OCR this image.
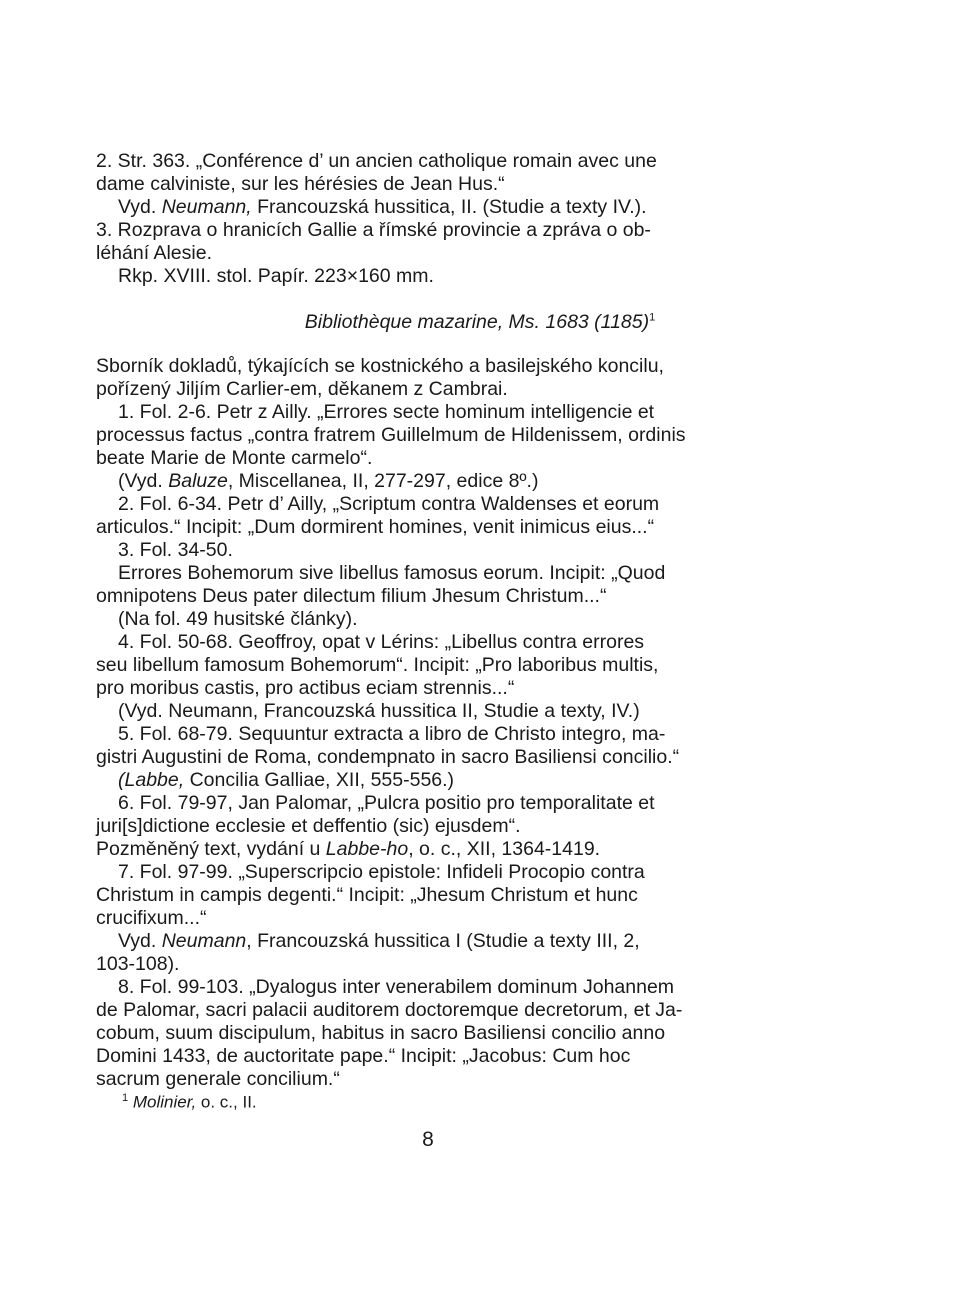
2. Str. 363. „Conférence d’ un ancien catholique romain avec une
dame calviniste, sur les hérésies de Jean Hus.“
Vyd. Neumann, Francouzská hussitica, II. (Studie a texty IV.).
3. Rozprava o hranicích Gallie a římské provincie a zpráva o ob-
léhání Alesie.
Rkp. XVIII. stol. Papír. 223×160 mm.
Bibliothèque mazarine, Ms. 1683 $(1185)^1$
Sborník dokladů, týkajících se kostnického a basilejského koncilu,
pořízený Jiljím Carlier-em, děkanem z Cambrai.
1. Fol. 2-6. Petr z Ailly. „Errores secte hominum intelligencie et
processus factus „contra fratrem Guillelmum de Hildenissem, ordinis
beate Marie de Monte carmelo“.
(Vyd. Baluze, Miscellanea, II, 277-297, edice 8º.)
2. Fol. 6-34. Petr d’ Ailly, „Scriptum contra Waldenses et eorum
articulos.“ Incipit: „Dum dormirent homines, venit inimicus eius...“
3. Fol. 34-50.
Errores Bohemorum sive libellus famosus eorum. Incipit: „Quod
omnipotens Deus pater dilectum filium Jhesum Christum...“
(Na fol. 49 husitské články).
4. Fol. 50-68. Geoffroy, opat v Lérins: „Libellus contra errores
seu libellum famosum Bohemorum“. Incipit: „Pro laboribus multis,
pro moribus castis, pro actibus eciam strennis...“
(Vyd. Neumann, Francouzská hussitica II, Studie a texty, IV.)
5. Fol. 68-79. Sequuntur extracta a libro de Christo integro, ma-
gistri Augustini de Roma, condempnato in sacro Basiliensi concilio.“
(Labbe, Concilia Galliae, XII, 555-556.)
6. Fol. 79-97, Jan Palomar, „Pulcra positio pro temporalitate et
juri[s]dictione ecclesie et deffentio (sic) ejusdem“.
Pozměněný text, vydání u Labbe-ho, o. c., XII, 1364-1419.
7. Fol. 97-99. „Superscripcio epistole: Infideli Procopio contra
Christum in campis degenti.“ Incipit: „Jhesum Christum et hunc
crucifixum...“
Vyd. Neumann, Francouzská hussitica I (Studie a texty III, 2,
103-108).
8. Fol. 99-103. „Dyalogus inter venerabilem dominum Johannem
de Palomar, sacri palacii auditorem doctoremque decretorum, et Ja-
cobum, suum discipulum, habitus in sacro Basiliensi concilio anno
Domini 1433, de auctoritate pape.“ Incipit: „Jacobus: Cum hoc
sacrum generale concilium.“
$^1$ Molinier, o. c., II.
8
